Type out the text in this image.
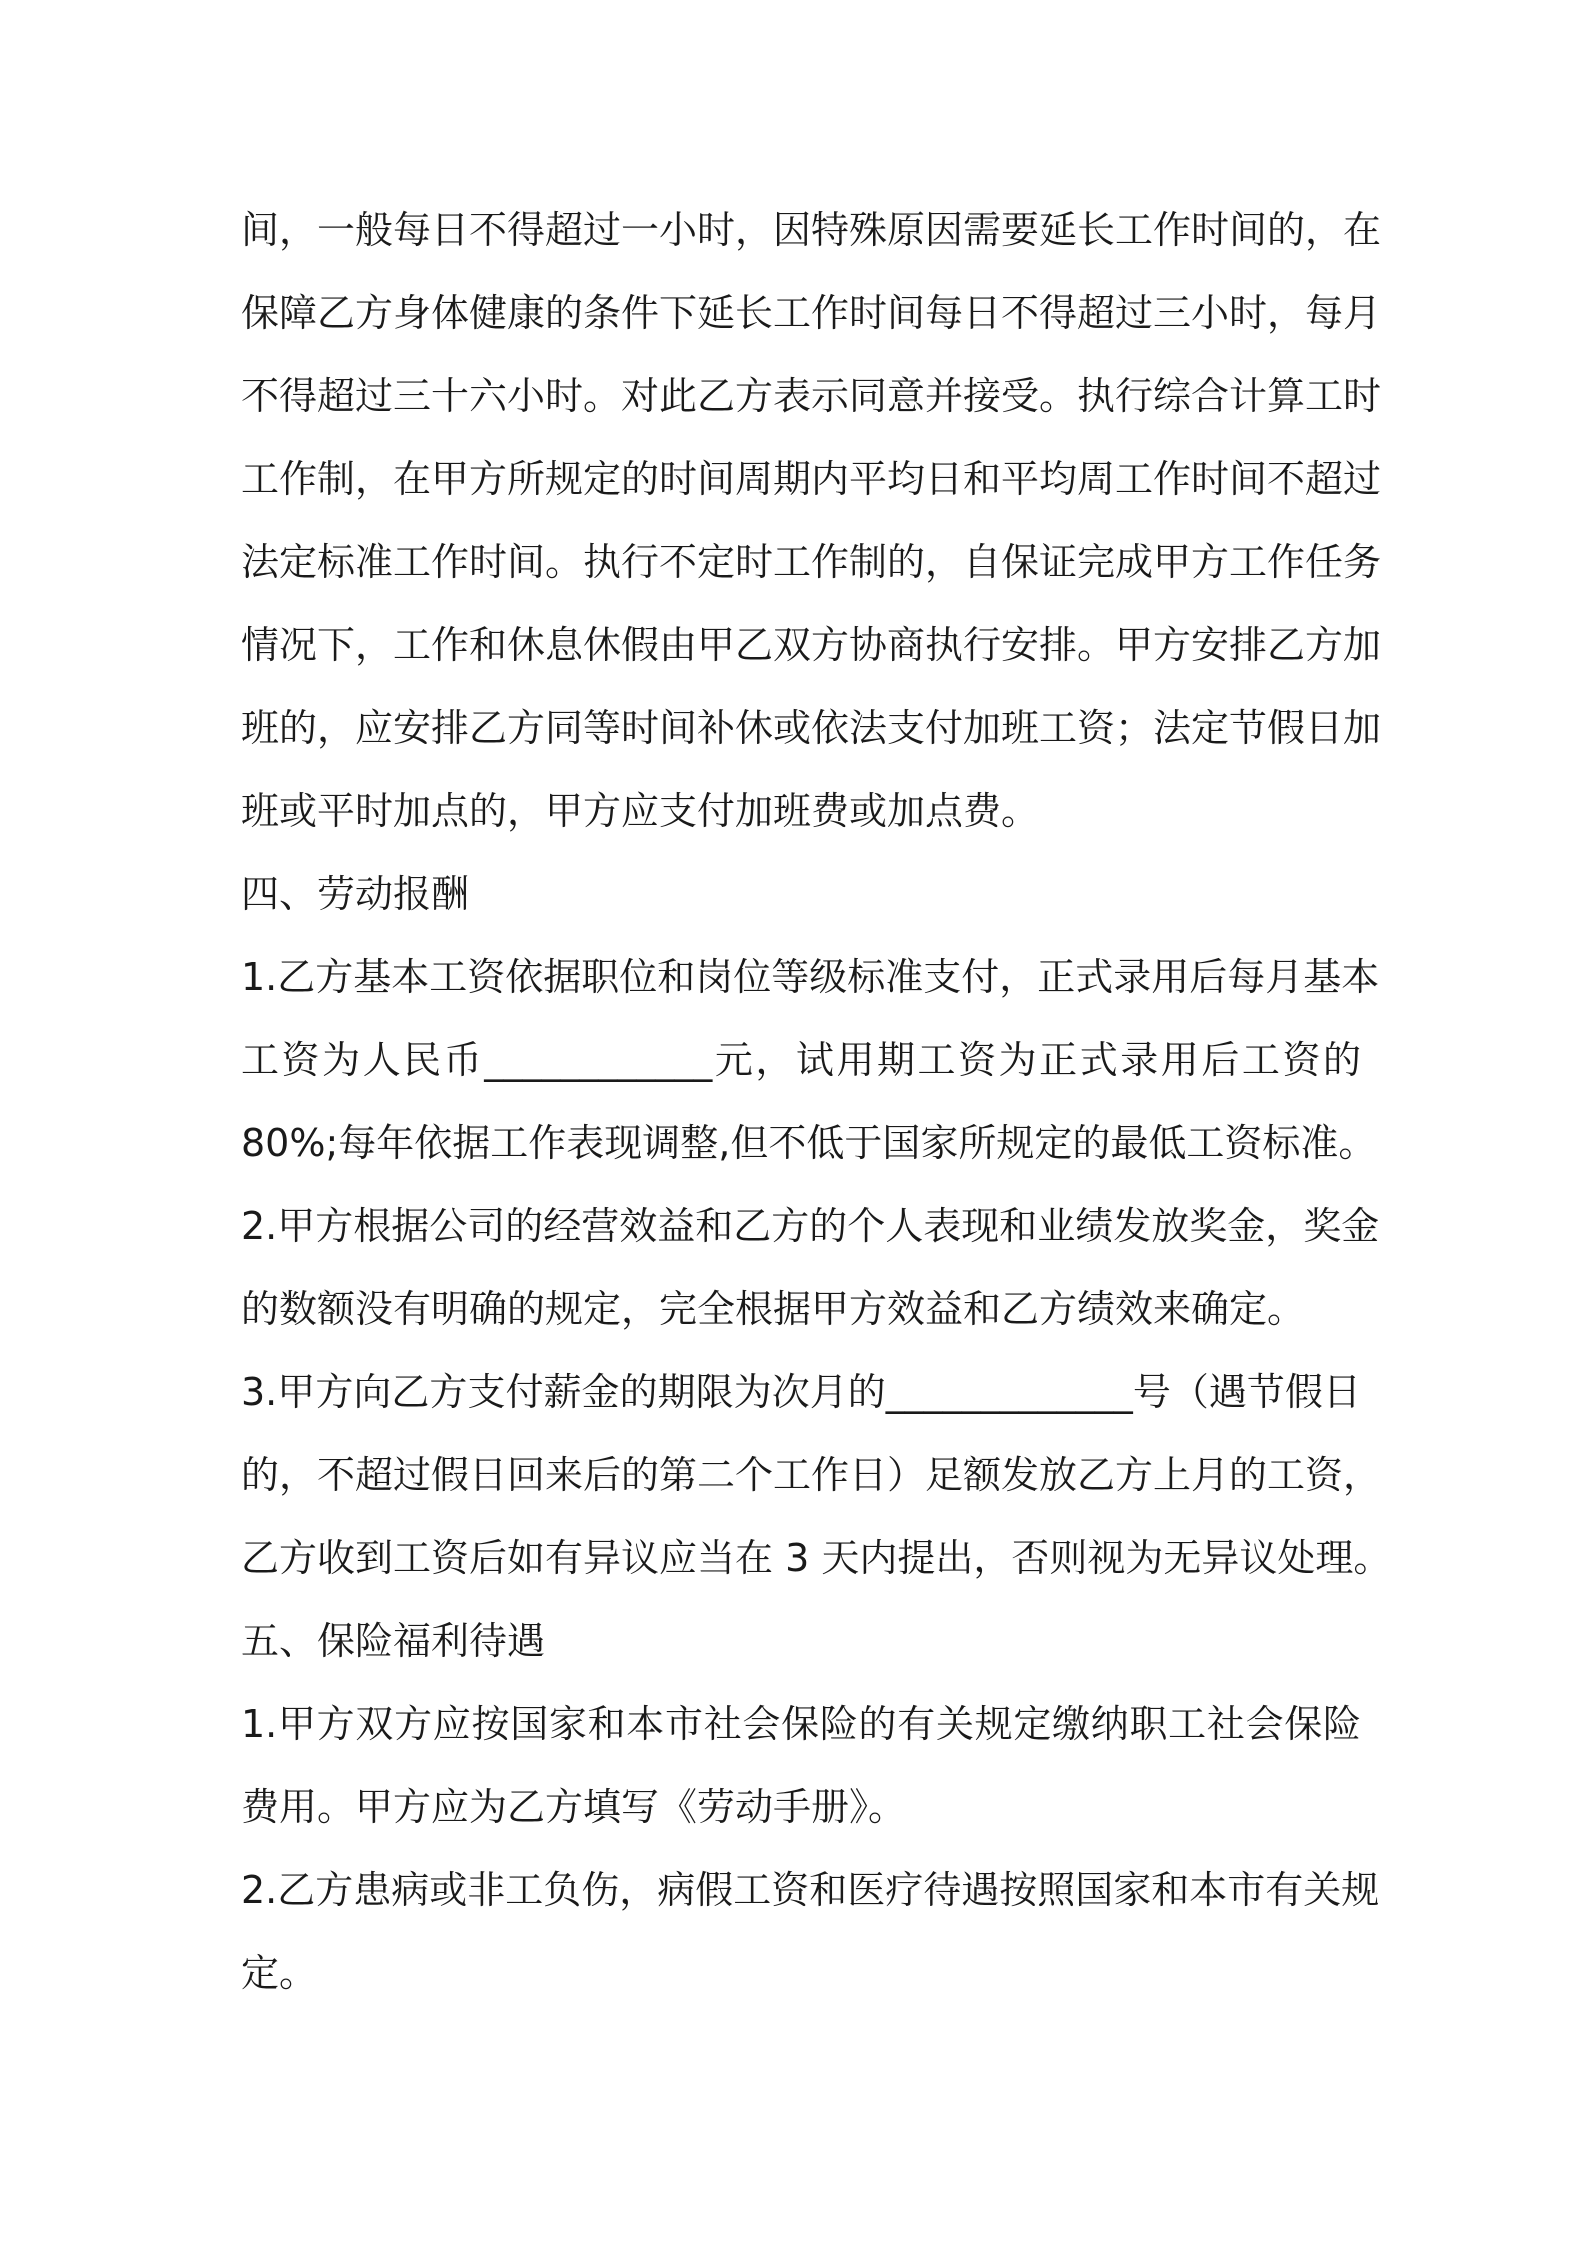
间，一般每日不得超过一小时，因特殊原因需要延长工作时间的，在
保障乙方身体健康的条件下延长工作时间每日不得超过三小时，每月
不得超过三十六小时。对此乙方表示同意并接受。执行综合计算工时
工作制，在甲方所规定的时间周期内平均日和平均周工作时间不超过
法定标准工作时间。执行不定时工作制的，自保证完成甲方工作任务
情况下，工作和休息休假由甲乙双方协商执行安排。甲方安排乙方加
班的，应安排乙方同等时间补休或依法支付加班工资；法定节假日加
班或平时加点的，甲方应支付加班费或加点费。
四、劳动报酬
1.乙方基本工资依据职位和岗位等级标准支付，正式录用后每月基本
工资为人民币____________元，试用期工资为正式录用后工资的
80%;每年依据工作表现调整,但不低于国家所规定的最低工资标准。
2.甲方根据公司的经营效益和乙方的个人表现和业绩发放奖金，奖金
的数额没有明确的规定，完全根据甲方效益和乙方绩效来确定。
3.甲方向乙方支付薪金的期限为次月的_____________号（遇节假日
的，不超过假日回来后的第二个工作日）足额发放乙方上月的工资，
乙方收到工资后如有异议应当在 3 天内提出，否则视为无异议处理。
五、保险福利待遇
1.甲方双方应按国家和本市社会保险的有关规定缴纳职工社会保险
费用。甲方应为乙方填写《劳动手册》。
2.乙方患病或非工负伤，病假工资和医疗待遇按照国家和本市有关规
定。
